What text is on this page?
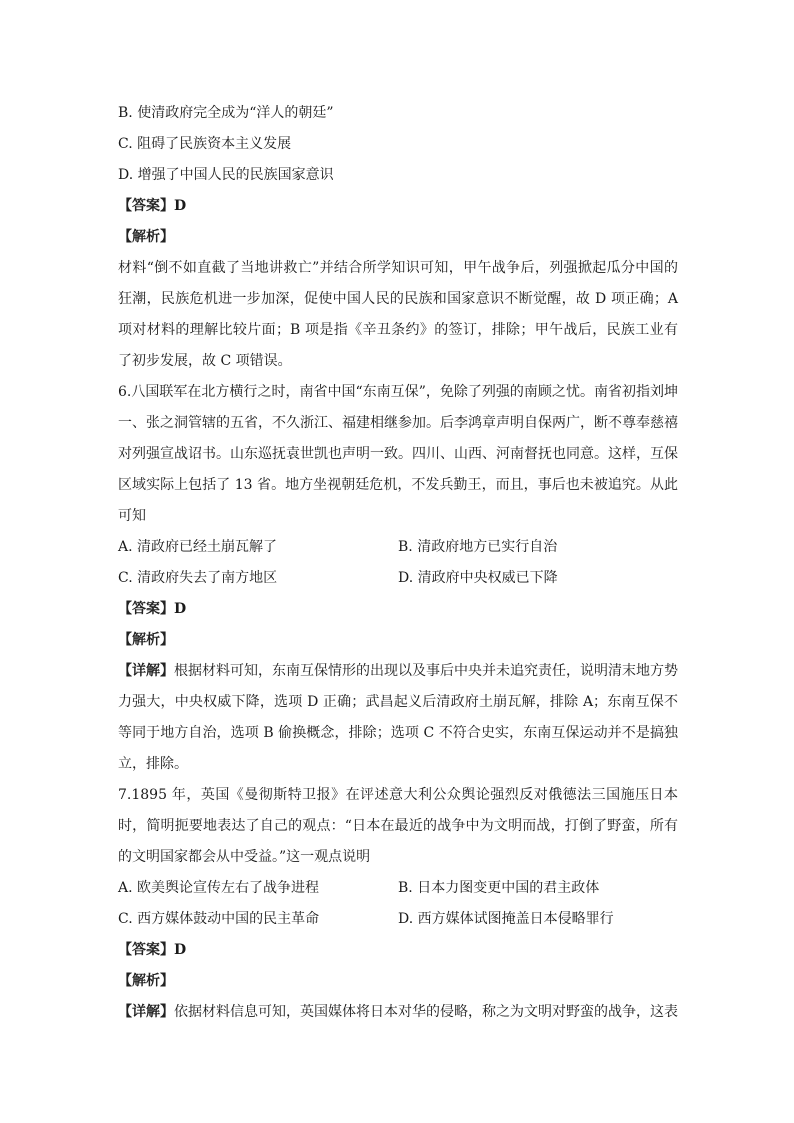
B. 使清政府完全成为“洋人的朝廷”
C. 阻碍了民族资本主义发展
D. 增强了中国人民的民族国家意识
【答案】D
【解析】
材料“倒不如直截了当地讲救亡”并结合所学知识可知，甲午战争后，列强掀起瓜分中国的狂潮，民族危机进一步加深，促使中国人民的民族和国家意识不断觉醒，故 D 项正确；A 项对材料的理解比较片面；B 项是指《辛丑条约》的签订，排除；甲午战后，民族工业有了初步发展，故 C 项错误。
6.八国联军在北方横行之时，南省中国“东南互保”，免除了列强的南顾之忧。南省初指刘坤一、张之洞管辖的五省，不久浙江、福建相继参加。后李鸿章声明自保两广，断不尊奉慈禧对列强宣战诏书。山东巡抚袁世凯也声明一致。四川、山西、河南督抚也同意。这样，互保区域实际上包括了 13 省。地方坐视朝廷危机，不发兵勤王，而且，事后也未被追究。从此可知
A. 清政府已经土崩瓦解了	B. 清政府地方已实行自治
C. 清政府失去了南方地区	D. 清政府中央权威已下降
【答案】D
【解析】
【详解】根据材料可知，东南互保情形的出现以及事后中央并未追究责任，说明清末地方势力强大，中央权威下降，选项 D 正确；武昌起义后清政府土崩瓦解，排除 A；东南互保不等同于地方自治，选项 B 偷换概念，排除；选项 C 不符合史实，东南互保运动并不是搞独立，排除。
7.1895 年，英国《曼彻斯特卫报》在评述意大利公众舆论强烈反对俄德法三国施压日本时，简明扼要地表达了自己的观点：“日本在最近的战争中为文明而战，打倒了野蛮，所有的文明国家都会从中受益。”这一观点说明
A. 欧美舆论宣传左右了战争进程	B. 日本力图变更中国的君主政体
C. 西方媒体鼓动中国的民主革命	D. 西方媒体试图掩盖日本侵略罪行
【答案】D
【解析】
【详解】依据材料信息可知，英国媒体将日本对华的侵略，称之为文明对野蛮的战争，这表
